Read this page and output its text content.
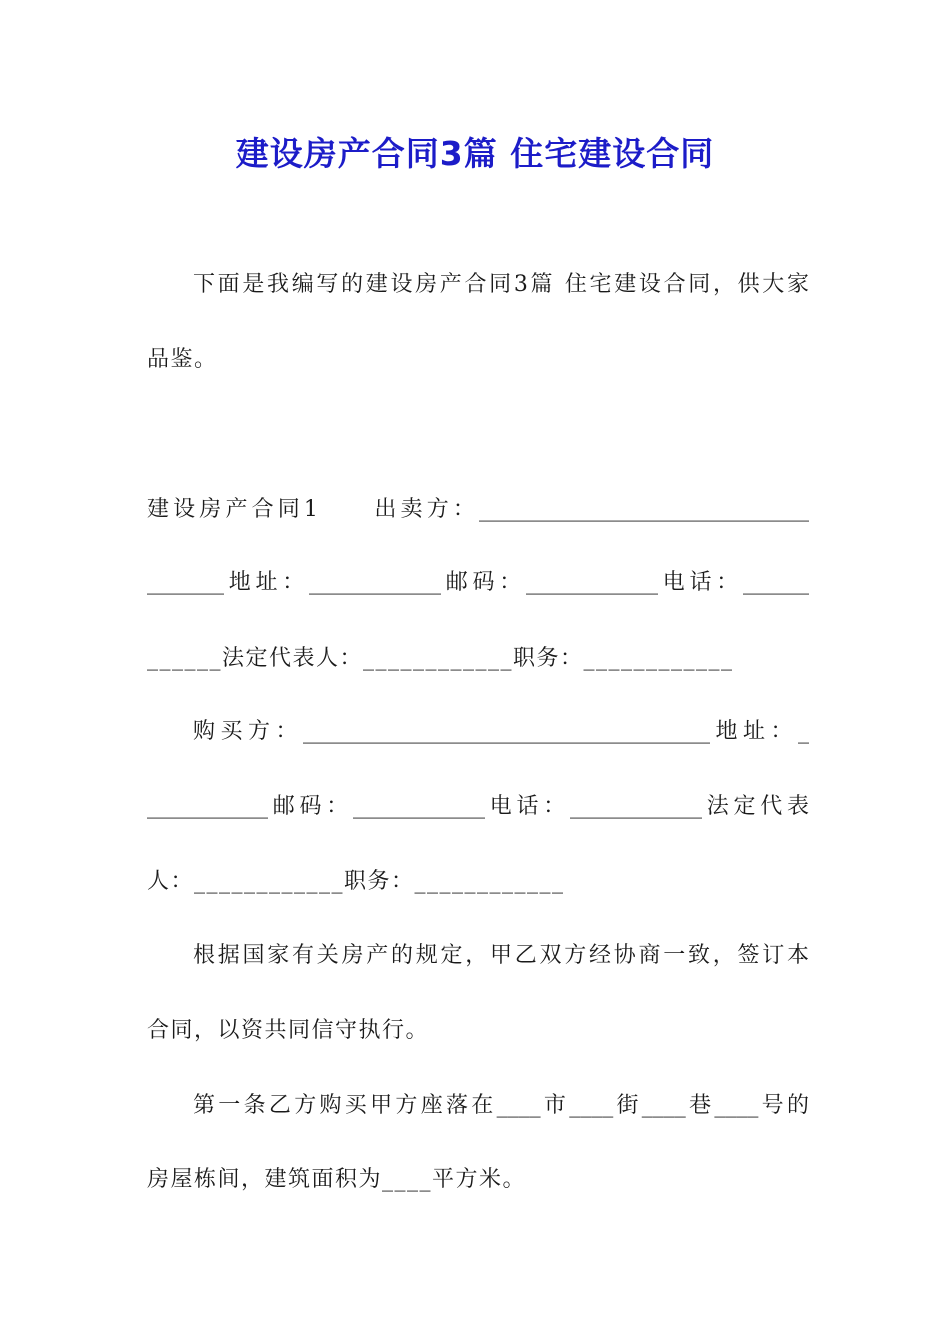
建设房产合同3篇 住宅建设合同
下面是我编写的建设房产合同3篇 住宅建设合同，供大家
品鉴。
建设房产合同1　　出卖方：______________________________
_______地址：____________邮码：____________电话：______
______法定代表人：____________职务：____________
购买方：_____________________________________地址：_
___________邮码：____________电话：____________法定代表
人：____________职务：____________
根据国家有关房产的规定，甲乙双方经协商一致，签订本
合同，以资共同信守执行。
第一条乙方购买甲方座落在____市____街____巷____号的
房屋栋间，建筑面积为____平方米。
